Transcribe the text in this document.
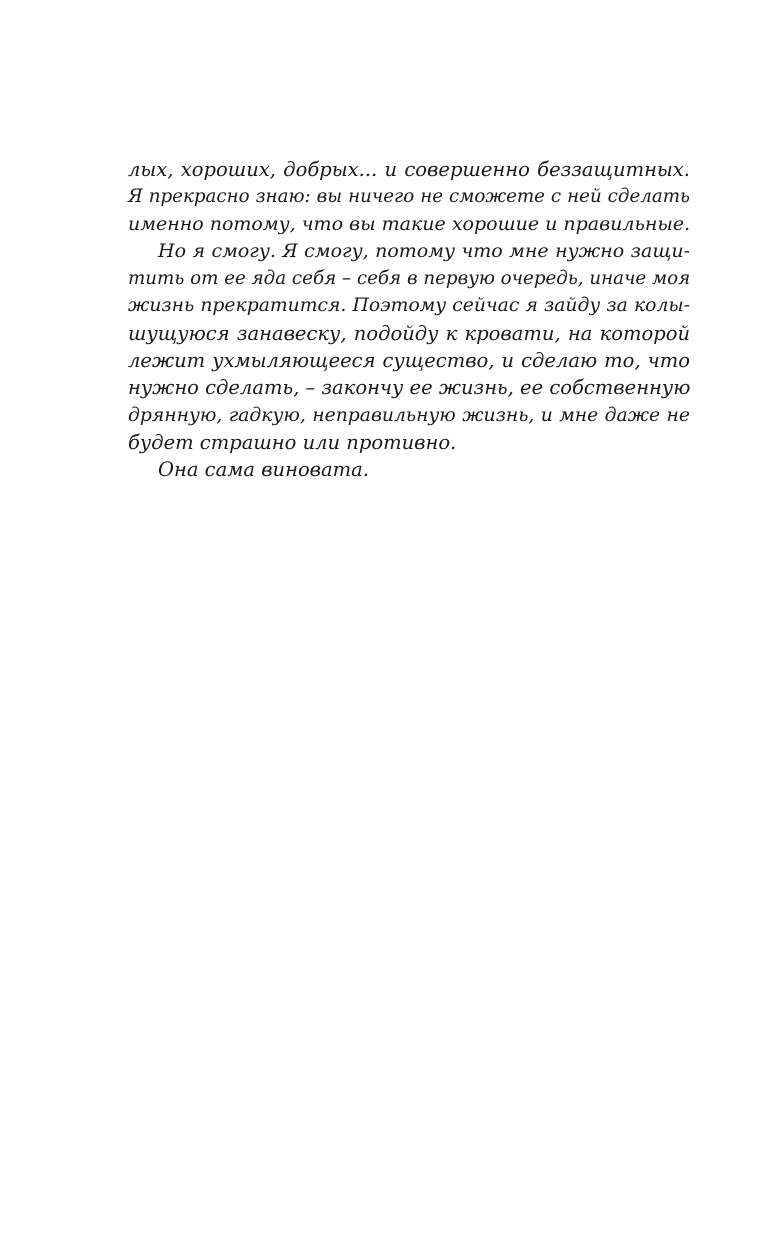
лых, хороших, добрых... и совершенно беззащитных.
Я прекрасно знаю: вы ничего не сможете с ней сделать
именно потому, что вы такие хорошие и правильные.
Но я смогу. Я смогу, потому что мне нужно защи-
тить от ее яда себя – себя в первую очередь, иначе моя
жизнь прекратится. Поэтому сейчас я зайду за колы-
шущуюся занавеску, подойду к кровати, на которой
лежит ухмыляющееся существо, и сделаю то, что
нужно сделать, – закончу ее жизнь, ее собственную
дрянную, гадкую, неправильную жизнь, и мне даже не
будет страшно или противно.
Она сама виновата.
